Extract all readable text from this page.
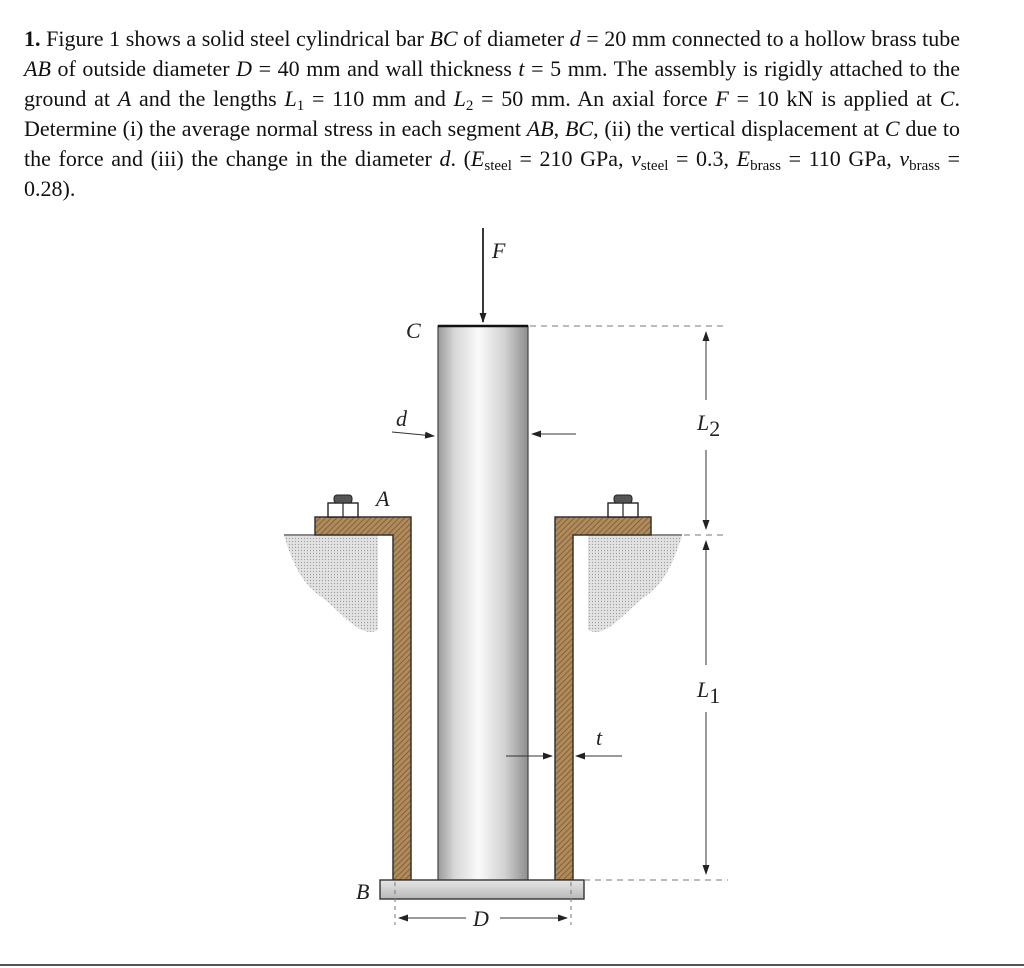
1. Figure 1 shows a solid steel cylindrical bar BC of diameter d = 20 mm connected to a hollow brass tube AB of outside diameter D = 40 mm and wall thickness t = 5 mm. The assembly is rigidly attached to the ground at A and the lengths $L_1 = 110$ mm and $L_2 = 50$ mm. An axial force F = 10 kN is applied at C. Determine (i) the average normal stress in each segment AB, BC, (ii) the vertical displacement at C due to the force and (iii) the change in the diameter d. ($E_{steel} = 210$ GPa, $\nu_{steel} = 0.3$, $E_{brass} = 110$ GPa, $\nu_{brass} = 0.28$).

F
C
d
A
L2
L1
t
B
D
